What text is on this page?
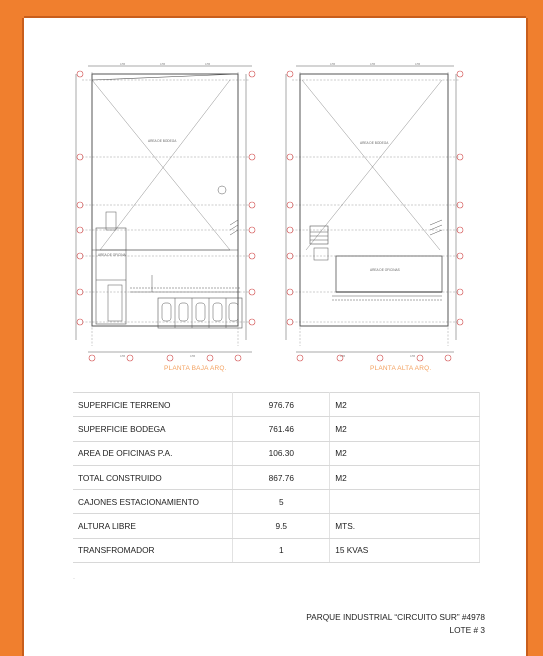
4.55	4.55	4.55	4.55	4.55	4.55
4.55	4.55	4.55	4.55
AREA DE BODEGA
AREA DE OFICINA
AREA DE BODEGA
AREA DE OFICINAS
PLANTA BAJA ARQ.	PLANTA ALTA ARQ.
SUPERFICIE TERRENO	976.76	M2
SUPERFICIE BODEGA	761.46	M2
AREA DE OFICINAS P.A.	106.30	M2
TOTAL CONSTRUIDO	867.76	M2
CAJONES ESTACIONAMIENTO	5	
ALTURA LIBRE	9.5	MTS.
TRANSFROMADOR	1	15 KVAS
·
PARQUE INDUSTRIAL “CIRCUITO SUR” #4978
LOTE # 3
